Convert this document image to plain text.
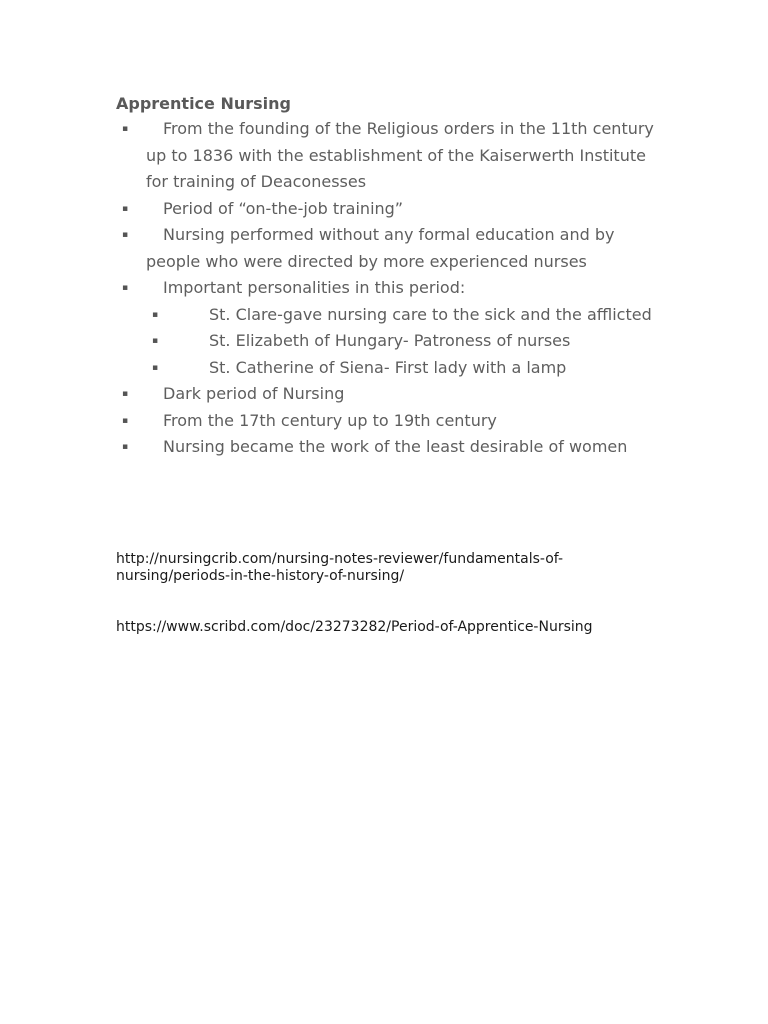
Apprentice Nursing
▪	From the founding of the Religious orders in the 11th century up to 1836 with the establishment of the Kaiserwerth Institute for training of Deaconesses
▪	Period of “on-the-job training”
▪	Nursing performed without any formal education and by people who were directed by more experienced nurses
▪	Important personalities in this period:
▪	St. Clare-gave nursing care to the sick and the afflicted
▪	St. Elizabeth of Hungary- Patroness of nurses
▪	St. Catherine of Siena- First lady with a lamp
▪	Dark period of Nursing
▪	From the 17th century up to 19th century
▪	Nursing became the work of the least desirable of women
http://nursingcrib.com/nursing-notes-reviewer/fundamentals-of-
nursing/periods-in-the-history-of-nursing/
https://www.scribd.com/doc/23273282/Period-of-Apprentice-Nursing
